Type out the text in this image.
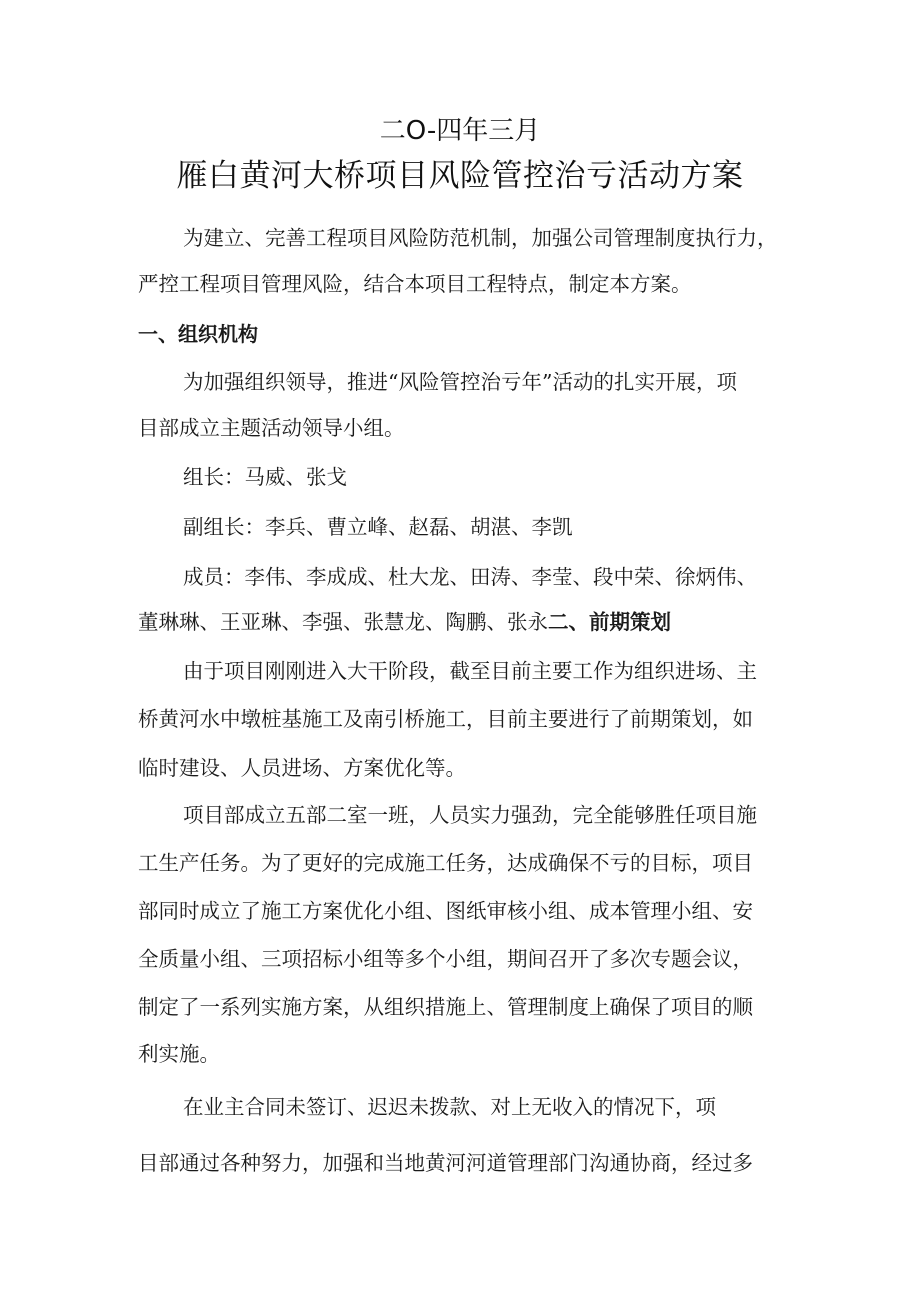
二O-四年三月
雁白黄河大桥项目风险管控治亏活动方案
为建立、完善工程项目风险防范机制，加强公司管理制度执行力，
严控工程项目管理风险，结合本项目工程特点，制定本方案。
一、组织机构
为加强组织领导，推进“风险管控治亏年”活动的扎实开展，项
目部成立主题活动领导小组。
组长：马威、张戈
副组长：李兵、曹立峰、赵磊、胡湛、李凯
成员：李伟、李成成、杜大龙、田涛、李莹、段中荣、徐炳伟、
董琳琳、王亚琳、李强、张慧龙、陶鹏、张永二、前期策划
由于项目刚刚进入大干阶段，截至目前主要工作为组织进场、主
桥黄河水中墩桩基施工及南引桥施工，目前主要进行了前期策划，如
临时建设、人员进场、方案优化等。
项目部成立五部二室一班，人员实力强劲，完全能够胜任项目施
工生产任务。为了更好的完成施工任务，达成确保不亏的目标，项目
部同时成立了施工方案优化小组、图纸审核小组、成本管理小组、安
全质量小组、三项招标小组等多个小组，期间召开了多次专题会议，
制定了一系列实施方案，从组织措施上、管理制度上确保了项目的顺
利实施。
在业主合同未签订、迟迟未拨款、对上无收入的情况下，项
目部通过各种努力，加强和当地黄河河道管理部门沟通协商，经过多
